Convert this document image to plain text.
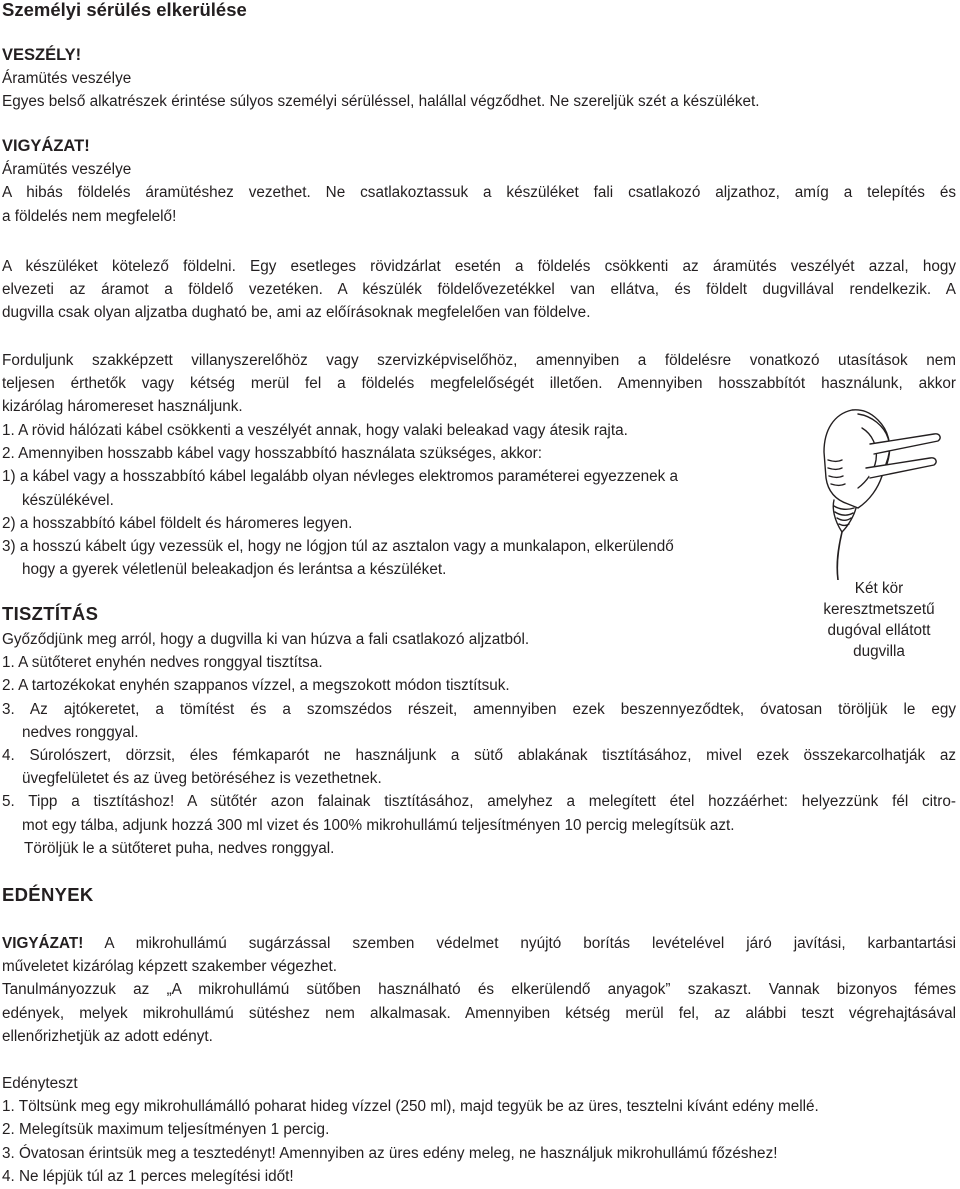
Személyi sérülés elkerülése
VESZÉLY!
Áramütés veszélye
Egyes belső alkatrészek érintése súlyos személyi sérüléssel, halállal végződhet. Ne szereljük szét a készüléket.
VIGYÁZAT!
Áramütés veszélye
A hibás földelés áramütéshez vezethet. Ne csatlakoztassuk a készüléket fali csatlakozó aljzathoz, amíg a telepítés és
a földelés nem megfelelő!
A készüléket kötelező földelni. Egy esetleges rövidzárlat esetén a földelés csökkenti az áramütés veszélyét azzal, hogy
elvezeti az áramot a földelő vezetéken. A készülék földelővezetékkel van ellátva, és földelt dugvillával rendelkezik. A
dugvilla csak olyan aljzatba dugható be, ami az előírásoknak megfelelően van földelve.
Forduljunk szakképzett villanyszerelőhöz vagy szervizképviselőhöz, amennyiben a földelésre vonatkozó utasítások nem
teljesen érthetők vagy kétség merül fel a földelés megfelelőségét illetően. Amennyiben hosszabbítót használunk, akkor
kizárólag háromereset használjunk.
1. A rövid hálózati kábel csökkenti a veszélyét annak, hogy valaki beleakad vagy átesik rajta.
2. Amennyiben hosszabb kábel vagy hosszabbító használata szükséges, akkor:
1) a kábel vagy a hosszabbító kábel legalább olyan névleges elektromos paraméterei egyezzenek a
készülékével.
2) a hosszabbító kábel földelt és háromeres legyen.
3) a hosszú kábelt úgy vezessük el, hogy ne lógjon túl az asztalon vagy a munkalapon, elkerülendő
hogy a gyerek véletlenül beleakadjon és lerántsa a készüléket.
Két kör
keresztmetszetű
dugóval ellátott
dugvilla
TISZTÍTÁS
Győződjünk meg arról, hogy a dugvilla ki van húzva a fali csatlakozó aljzatból.
1. A sütőteret enyhén nedves ronggyal tisztítsa.
2. A tartozékokat enyhén szappanos vízzel, a megszokott módon tisztítsuk.
3. Az ajtókeretet, a tömítést és a szomszédos részeit, amennyiben ezek beszennyeződtek, óvatosan töröljük le egy
nedves ronggyal.
4. Súrolószert, dörzsit, éles fémkaparót ne használjunk a sütő ablakának tisztításához, mivel ezek összekarcolhatják az
üvegfelületet és az üveg betöréséhez is vezethetnek.
5. Tipp a tisztításhoz! A sütőtér azon falainak tisztításához, amelyhez a melegített étel hozzáérhet: helyezzünk fél citro-
mot egy tálba, adjunk hozzá 300 ml vizet és 100% mikrohullámú teljesítményen 10 percig melegítsük azt.
Töröljük le a sütőteret puha, nedves ronggyal.
EDÉNYEK
VIGYÁZAT! A mikrohullámú sugárzással szemben védelmet nyújtó borítás levételével járó javítási, karbantartási
műveletet kizárólag képzett szakember végezhet.
Tanulmányozzuk az „A mikrohullámú sütőben használható és elkerülendő anyagok” szakaszt. Vannak bizonyos fémes
edények, melyek mikrohullámú sütéshez nem alkalmasak. Amennyiben kétség merül fel, az alábbi teszt végrehajtásával
ellenőrizhetjük az adott edényt.
Edényteszt
1. Töltsünk meg egy mikrohullámálló poharat hideg vízzel (250 ml), majd tegyük be az üres, tesztelni kívánt edény mellé.
2. Melegítsük maximum teljesítményen 1 percig.
3. Óvatosan érintsük meg a tesztedényt! Amennyiben az üres edény meleg, ne használjuk mikrohullámú főzéshez!
4. Ne lépjük túl az 1 perces melegítési időt!
